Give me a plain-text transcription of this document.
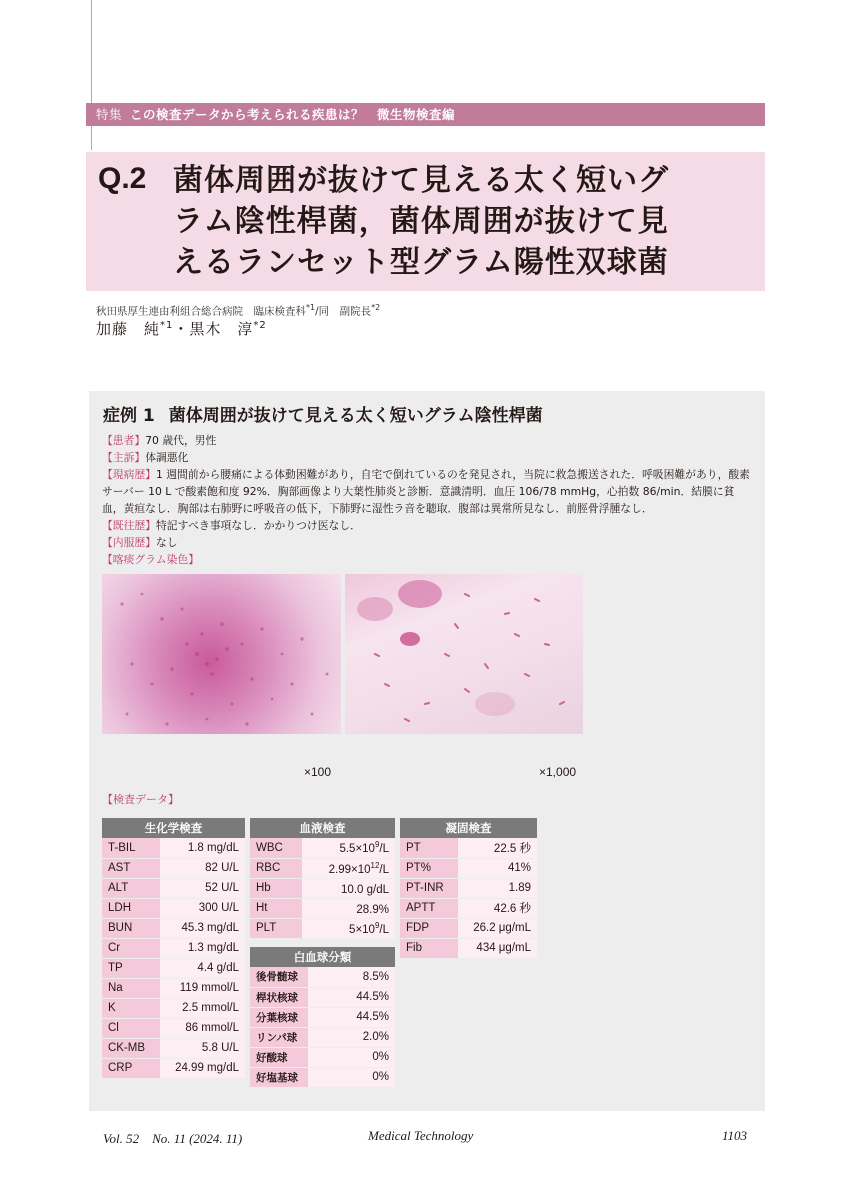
特集 この検査データから考えられる疾患は？　微生物検査編
Q.2 菌体周囲が抜けて見える太く短いグ
ラム陰性桿菌，菌体周囲が抜けて見
えるランセット型グラム陽性双球菌
秋田県厚生連由利組合総合病院　臨床検査科$^{*1}$/同　副院長$^{*2}$
加藤　純$^{*1}$・黒木　淳$^{*2}$
症例 1 菌体周囲が抜けて見える太く短いグラム陰性桿菌
【患者】70 歳代，男性
【主訴】体調悪化
【現病歴】1 週間前から腰痛による体動困難があり，自宅で倒れているのを発見され，当院に救急搬送された．呼吸困難があり，酸素サーバー 10 L で酸素飽和度 92%．胸部画像より大葉性肺炎と診断．意識清明．血圧 106/78 mmHg，心拍数 86/min．結膜に貧血，黄疸なし．胸部は右肺野に呼吸音の低下，下肺野に湿性ラ音を聴取．腹部は異常所見なし．前脛骨浮腫なし．
【既往歴】特記すべき事項なし．かかりつけ医なし．
【内服歴】なし
【喀痰グラム染色】
×100	×1,000
【検査データ】
生化学検査	
T-BIL	1.8 mg/dL
AST	82 U/L
ALT	52 U/L
LDH	300 U/L
BUN	45.3 mg/dL
Cr	1.3 mg/dL
TP	4.4 g/dL
Na	119 mmol/L
K	2.5 mmol/L
Cl	86 mmol/L
CK-MB	5.8 U/L
CRP	24.99 mg/dL
血液検査	
WBC	$5.5\times 10^9/L$
RBC	$2.99\times 10^{12}/L$
Hb	10.0 g/dL
Ht	28.9%
PLT	$5\times 10^9/L$
白血球分類	
後骨髄球	8.5%
桿状核球	44.5%
分葉核球	44.5%
リンパ球	2.0%
好酸球	0%
好塩基球	0%
凝固検査	
PT	22.5 秒
PT%	41%
PT-INR	1.89
APTT	42.6 秒
FDP	26.2 μg/mL
Fib	434 μg/mL
Vol. 52　No. 11 (2024. 11)	Medical Technology	1103
